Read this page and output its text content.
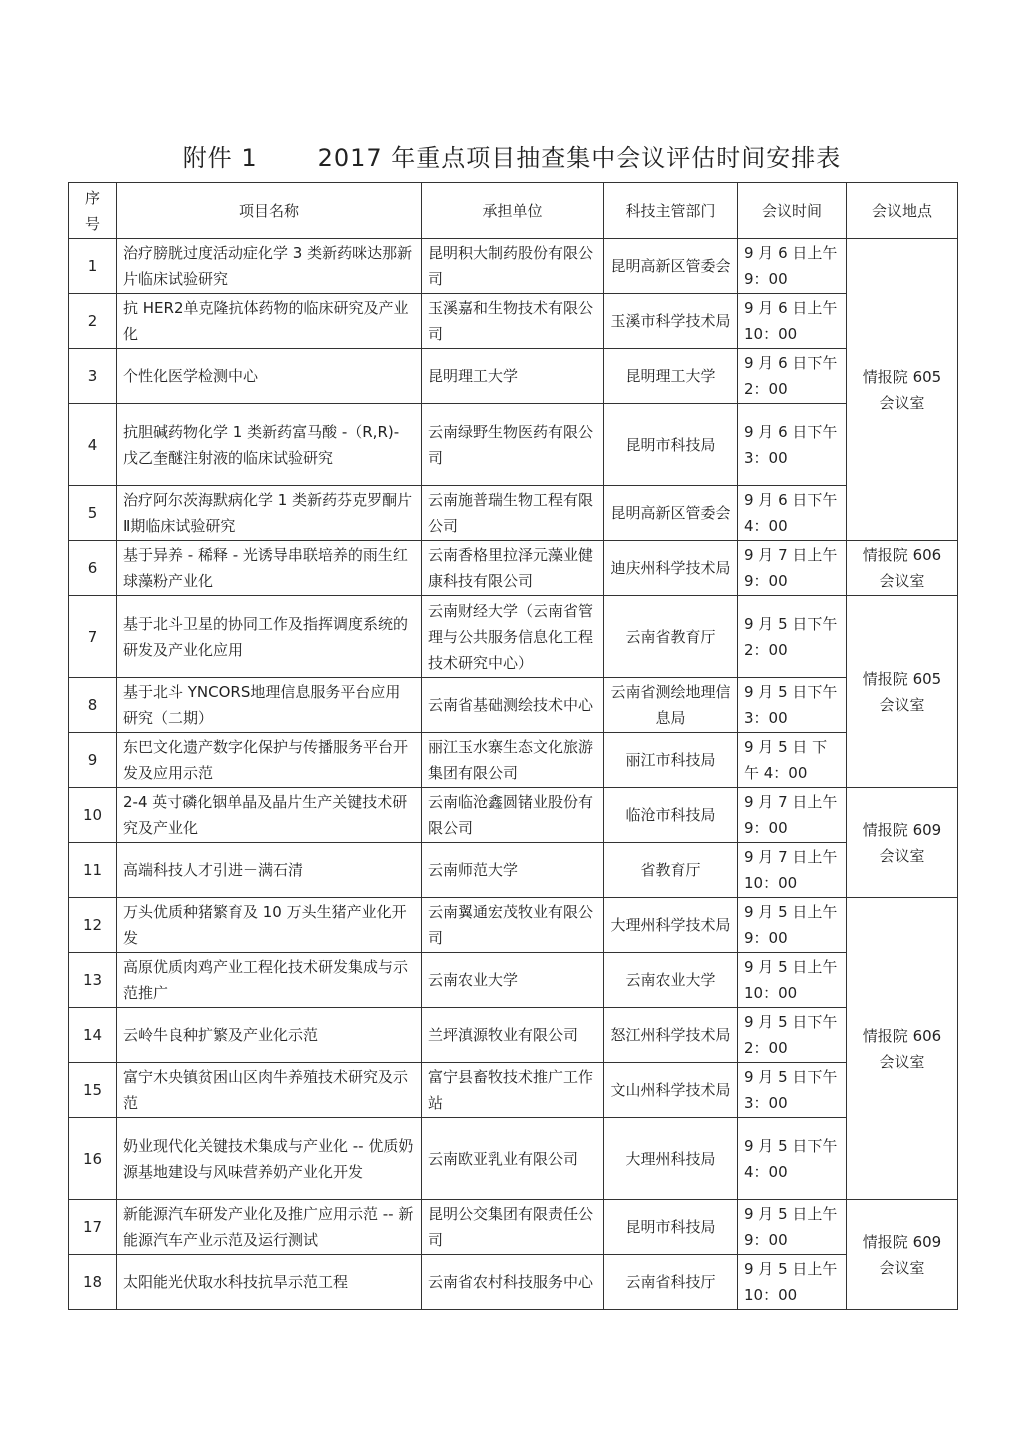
附件 1	2017 年重点项目抽查集中会议评估时间安排表
序
号	项目名称	承担单位	科技主管部门	会议时间	会议地点
1	治疗膀胱过度活动症化学 3 类新药咪达那新片临床试验研究	昆明积大制药股份有限公司	昆明高新区管委会	9 月 6 日上午 9：00	情报院 605 会议室
2	抗 HER2单克隆抗体药物的临床研究及产业化	玉溪嘉和生物技术有限公司	玉溪市科学技术局	9 月 6 日上午 10：00	
3	个性化医学检测中心	昆明理工大学	昆明理工大学	9 月 6 日下午 2：00	
4	抗胆碱药物化学 1 类新药富马酸 -（R,R)- 戊乙奎醚注射液的临床试验研究	云南绿野生物医药有限公司	昆明市科技局	9 月 6 日下午 3：00	
5	治疗阿尔茨海默病化学 1 类新药芬克罗酮片Ⅱ期临床试验研究	云南施普瑞生物工程有限公司	昆明高新区管委会	9 月 6 日下午 4：00	
6	基于异养 - 稀释 - 光诱导串联培养的雨生红球藻粉产业化	云南香格里拉泽元藻业健康科技有限公司	迪庆州科学技术局	9 月 7 日上午 9：00	情报院 606 会议室
7	基于北斗卫星的协同工作及指挥调度系统的研发及产业化应用	云南财经大学（云南省管理与公共服务信息化工程技术研究中心）	云南省教育厅	9 月 5 日下午 2：00	情报院 605 会议室
8	基于北斗 YNCORS地理信息服务平台应用研究（二期）	云南省基础测绘技术中心	云南省测绘地理信息局	9 月 5 日下午 3：00	
9	东巴文化遗产数字化保护与传播服务平台开发及应用示范	丽江玉水寨生态文化旅游集团有限公司	丽江市科技局	9 月 5 日 下午 4：00	
10	2-4 英寸磷化铟单晶及晶片生产关键技术研究及产业化	云南临沧鑫圆锗业股份有限公司	临沧市科技局	9 月 7 日上午 9：00	情报院 609 会议室
11	高端科技人才引进－满石清	云南师范大学	省教育厅	9 月 7 日上午 10：00	
12	万头优质种猪繁育及 10 万头生猪产业化开发	云南翼通宏茂牧业有限公司	大理州科学技术局	9 月 5 日上午 9：00	情报院 606 会议室
13	高原优质肉鸡产业工程化技术研发集成与示范推广	云南农业大学	云南农业大学	9 月 5 日上午 10：00	
14	云岭牛良种扩繁及产业化示范	兰坪滇源牧业有限公司	怒江州科学技术局	9 月 5 日下午 2：00	
15	富宁木央镇贫困山区肉牛养殖技术研究及示范	富宁县畜牧技术推广工作站	文山州科学技术局	9 月 5 日下午 3：00	
16	奶业现代化关键技术集成与产业化 -- 优质奶源基地建设与风味营养奶产业化开发	云南欧亚乳业有限公司	大理州科技局	9 月 5 日下午 4：00	
17	新能源汽车研发产业化及推广应用示范 -- 新能源汽车产业示范及运行测试	昆明公交集团有限责任公司	昆明市科技局	9 月 5 日上午 9：00	情报院 609 会议室
18	太阳能光伏取水科技抗旱示范工程	云南省农村科技服务中心	云南省科技厅	9 月 5 日上午 10：00	
